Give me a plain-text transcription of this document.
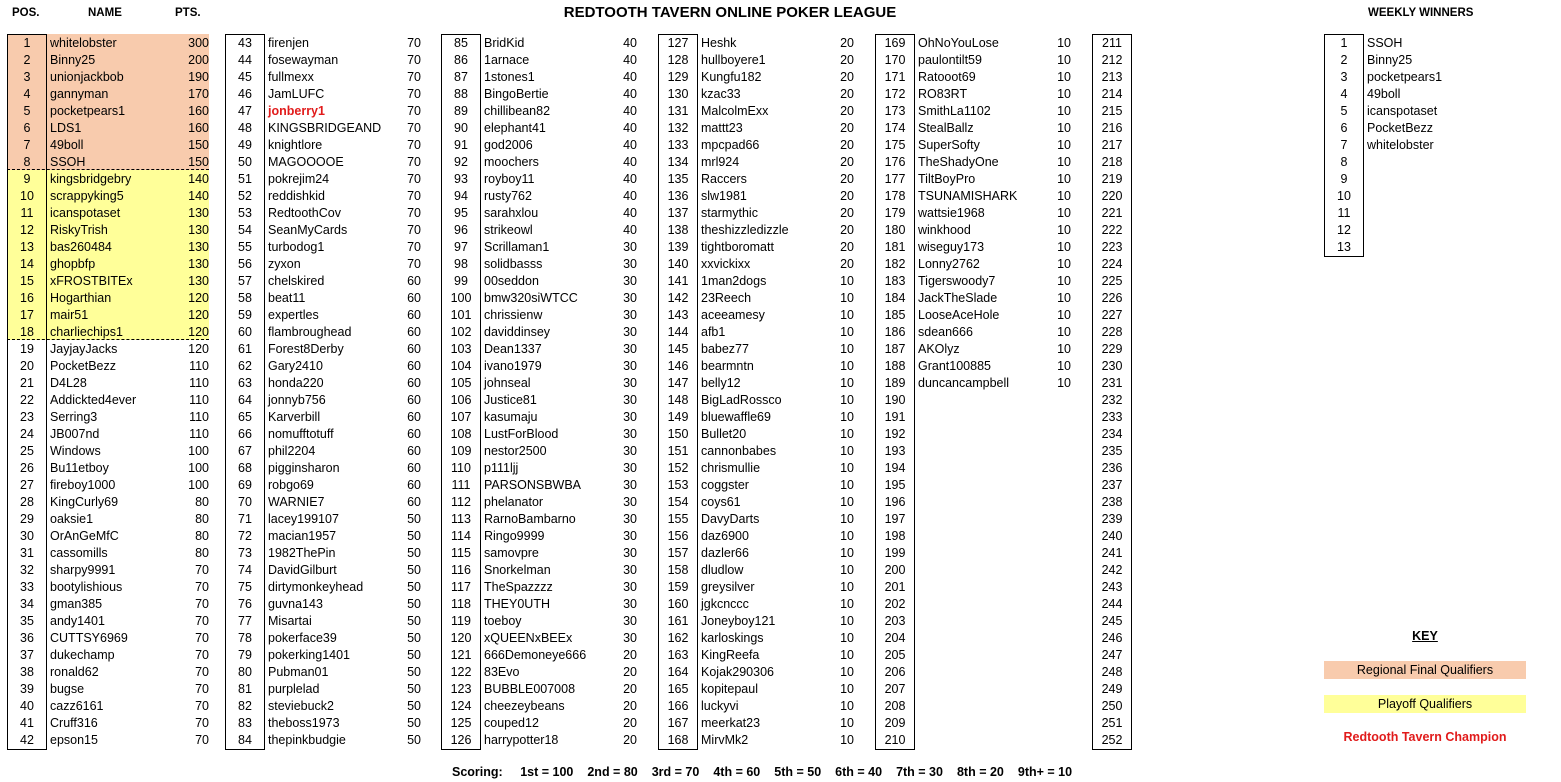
POS.	NAME	PTS.	REDTOOTH TAVERN ONLINE POKER LEAGUE	WEEKLY WINNERS
1	whitelobster	300
2	Binny25	200
3	unionjackbob	190
4	gannyman	170
5	pocketpears1	160
6	LDS1	160
7	49boll	150
8	SSOH	150
9	kingsbridgebry	140
10	scrappyking5	140
11	icanspotaset	130
12	RiskyTrish	130
13	bas260484	130
14	ghopbfp	130
15	xFROSTBITEx	130
16	Hogarthian	120
17	mair51	120
18	charliechips1	120
19	JayjayJacks	120
20	PocketBezz	110
21	D4L28	110
22	Addickted4ever	110
23	Serring3	110
24	JB007nd	110
25	Windows	100
26	Bu11etboy	100
27	fireboy1000	100
28	KingCurly69	80
29	oaksie1	80
30	OrAnGeMfC	80
31	cassomills	80
32	sharpy9991	70
33	bootylishious	70
34	gman385	70
35	andy1401	70
36	CUTTSY6969	70
37	dukechamp	70
38	ronald62	70
39	bugse	70
40	cazz6161	70
41	Cruff316	70
42	epson15	70
43	firenjen	70
44	fosewayman	70
45	fullmexx	70
46	JamLUFC	70
47	jonberry1	70
48	KINGSBRIDGEAND	70
49	knightlore	70
50	MAGOOOOE	70
51	pokrejim24	70
52	reddishkid	70
53	RedtoothCov	70
54	SeanMyCards	70
55	turbodog1	70
56	zyxon	70
57	chelskired	60
58	beat11	60
59	expertles	60
60	flambroughead	60
61	Forest8Derby	60
62	Gary2410	60
63	honda220	60
64	jonnyb756	60
65	Karverbill	60
66	nomufftotuff	60
67	phil2204	60
68	pigginsharon	60
69	robgo69	60
70	WARNIE7	60
71	lacey199107	50
72	macian1957	50
73	1982ThePin	50
74	DavidGilburt	50
75	dirtymonkeyhead	50
76	guvna143	50
77	Misartai	50
78	pokerface39	50
79	pokerking1401	50
80	Pubman01	50
81	purplelad	50
82	steviebuck2	50
83	theboss1973	50
84	thepinkbudgie	50
85	BridKid	40
86	1arnace	40
87	1stones1	40
88	BingoBertie	40
89	chillibean82	40
90	elephant41	40
91	god2006	40
92	moochers	40
93	royboy11	40
94	rusty762	40
95	sarahxlou	40
96	strikeowl	40
97	Scrillaman1	30
98	solidbasss	30
99	00seddon	30
100	bmw320siWTCC	30
101	chrissienw	30
102	daviddinsey	30
103	Dean1337	30
104	ivano1979	30
105	johnseal	30
106	Justice81	30
107	kasumaju	30
108	LustForBlood	30
109	nestor2500	30
110	p111ljj	30
111	PARSONSBWBA	30
112	phelanator	30
113	RarnoBambarno	30
114	Ringo9999	30
115	samovpre	30
116	Snorkelman	30
117	TheSpazzzz	30
118	THEY0UTH	30
119	toeboy	30
120	xQUEENxBEEx	30
121	666Demoneye666	20
122	83Evo	20
123	BUBBLE007008	20
124	cheezeybeans	20
125	couped12	20
126	harrypotter18	20
127	Heshk	20
128	hullboyere1	20
129	Kungfu182	20
130	kzac33	20
131	MalcolmExx	20
132	mattt23	20
133	mpcpad66	20
134	mrl924	20
135	Raccers	20
136	slw1981	20
137	starmythic	20
138	theshizzledizzle	20
139	tightboromatt	20
140	xxvickixx	20
141	1man2dogs	10
142	23Reech	10
143	aceeamesy	10
144	afb1	10
145	babez77	10
146	bearmntn	10
147	belly12	10
148	BigLadRossco	10
149	bluewaffle69	10
150	Bullet20	10
151	cannonbabes	10
152	chrismullie	10
153	coggster	10
154	coys61	10
155	DavyDarts	10
156	daz6900	10
157	dazler66	10
158	dludlow	10
159	greysilver	10
160	jgkcnccc	10
161	Joneyboy121	10
162	karloskings	10
163	KingReefa	10
164	Kojak290306	10
165	kopitepaul	10
166	luckyvi	10
167	meerkat23	10
168	MirvMk2	10
169	OhNoYouLose	10
170	paulontilt59	10
171	Ratooot69	10
172	RO83RT	10
173	SmithLa1102	10
174	StealBallz	10
175	SuperSofty	10
176	TheShadyOne	10
177	TiltBoyPro	10
178	TSUNAMISHARK	10
179	wattsie1968	10
180	winkhood	10
181	wiseguy173	10
182	Lonny2762	10
183	Tigerswoody7	10
184	JackTheSlade	10
185	LooseAceHole	10
186	sdean666	10
187	AKOlyz	10
188	Grant100885	10
189	duncancampbell	10
190
191
192
193
194
195
196
197
198
199
200
201
202
203
204
205
206
207
208
209
210
211
212
213
214
215
216
217
218
219
220
221
222
223
224
225
226
227
228
229
230
231
232
233
234
235
236
237
238
239
240
241
242
243
244
245
246
247
248
249
250
251
252
1	SSOH
2	Binny25
3	pocketpears1
4	49boll
5	icanspotaset
6	PocketBezz
7	whitelobster
8
9
10
11
12
13
KEY
Regional Final Qualifiers
Playoff Qualifiers
Redtooth Tavern Champion
Scoring: 1st = 100 2nd = 80 3rd = 70 4th = 60 5th = 50 6th = 40 7th = 30 8th = 20 9th+ = 10
